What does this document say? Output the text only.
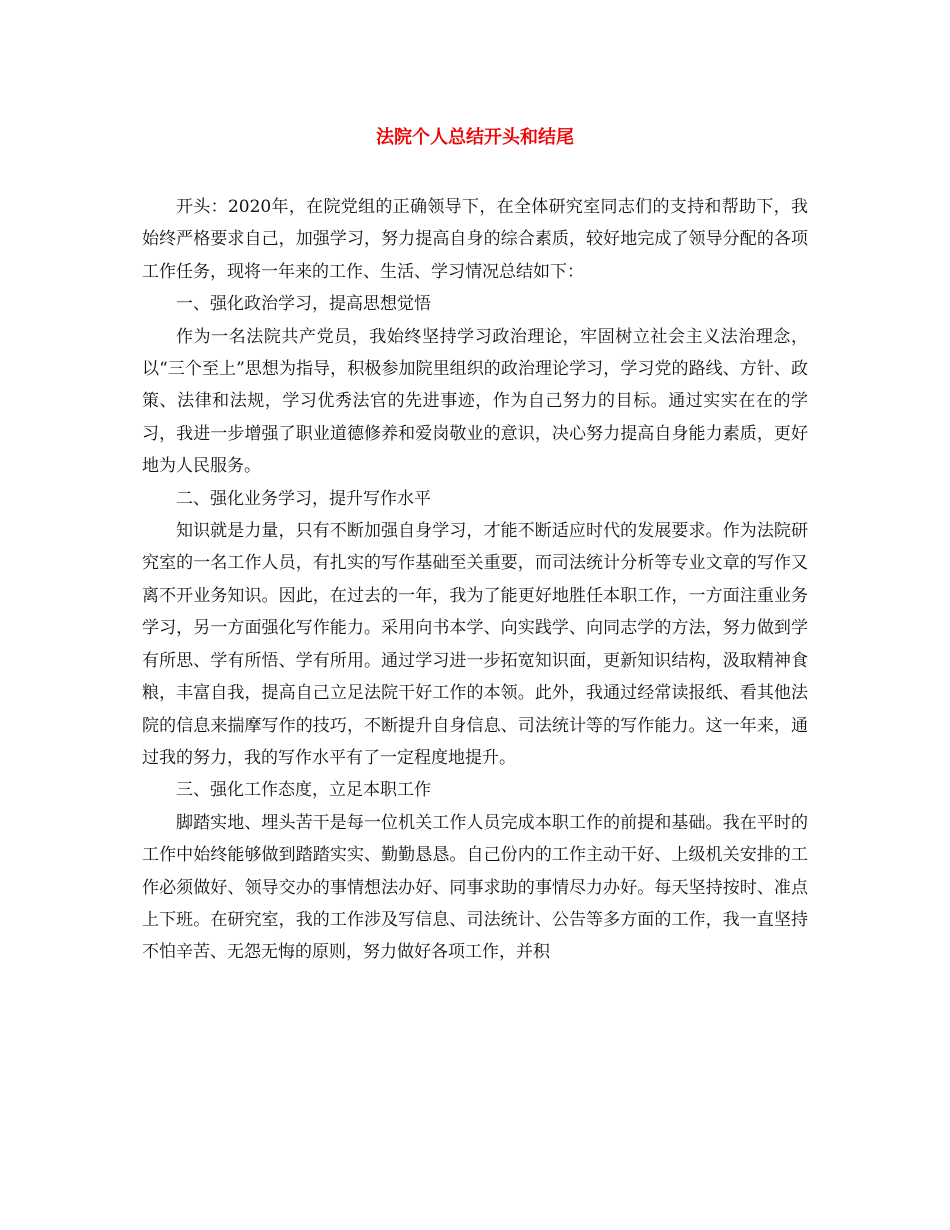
法院个人总结开头和结尾

开头：2020年，在院党组的正确领导下，在全体研究室同志们的支持和帮助下，我始终严格要求自己，加强学习，努力提高自身的综合素质，较好地完成了领导分配的各项工作任务，现将一年来的工作、生活、学习情况总结如下：

一、强化政治学习，提高思想觉悟

作为一名法院共产党员，我始终坚持学习政治理论，牢固树立社会主义法治理念，以“三个至上”思想为指导，积极参加院里组织的政治理论学习，学习党的路线、方针、政策、法律和法规，学习优秀法官的先进事迹，作为自己努力的目标。通过实实在在的学习，我进一步增强了职业道德修养和爱岗敬业的意识，决心努力提高自身能力素质，更好地为人民服务。

二、强化业务学习，提升写作水平

知识就是力量，只有不断加强自身学习，才能不断适应时代的发展要求。作为法院研究室的一名工作人员，有扎实的写作基础至关重要，而司法统计分析等专业文章的写作又离不开业务知识。因此，在过去的一年，我为了能更好地胜任本职工作，一方面注重业务学习，另一方面强化写作能力。采用向书本学、向实践学、向同志学的方法，努力做到学有所思、学有所悟、学有所用。通过学习进一步拓宽知识面，更新知识结构，汲取精神食粮，丰富自我，提高自己立足法院干好工作的本领。此外，我通过经常读报纸、看其他法院的信息来揣摩写作的技巧，不断提升自身信息、司法统计等的写作能力。这一年来，通过我的努力，我的写作水平有了一定程度地提升。

三、强化工作态度，立足本职工作

脚踏实地、埋头苦干是每一位机关工作人员完成本职工作的前提和基础。我在平时的工作中始终能够做到踏踏实实、勤勤恳恳。自己份内的工作主动干好、上级机关安排的工作必须做好、领导交办的事情想法办好、同事求助的事情尽力办好。每天坚持按时、准点上下班。在研究室，我的工作涉及写信息、司法统计、公告等多方面的工作，我一直坚持不怕辛苦、无怨无悔的原则，努力做好各项工作，并积
